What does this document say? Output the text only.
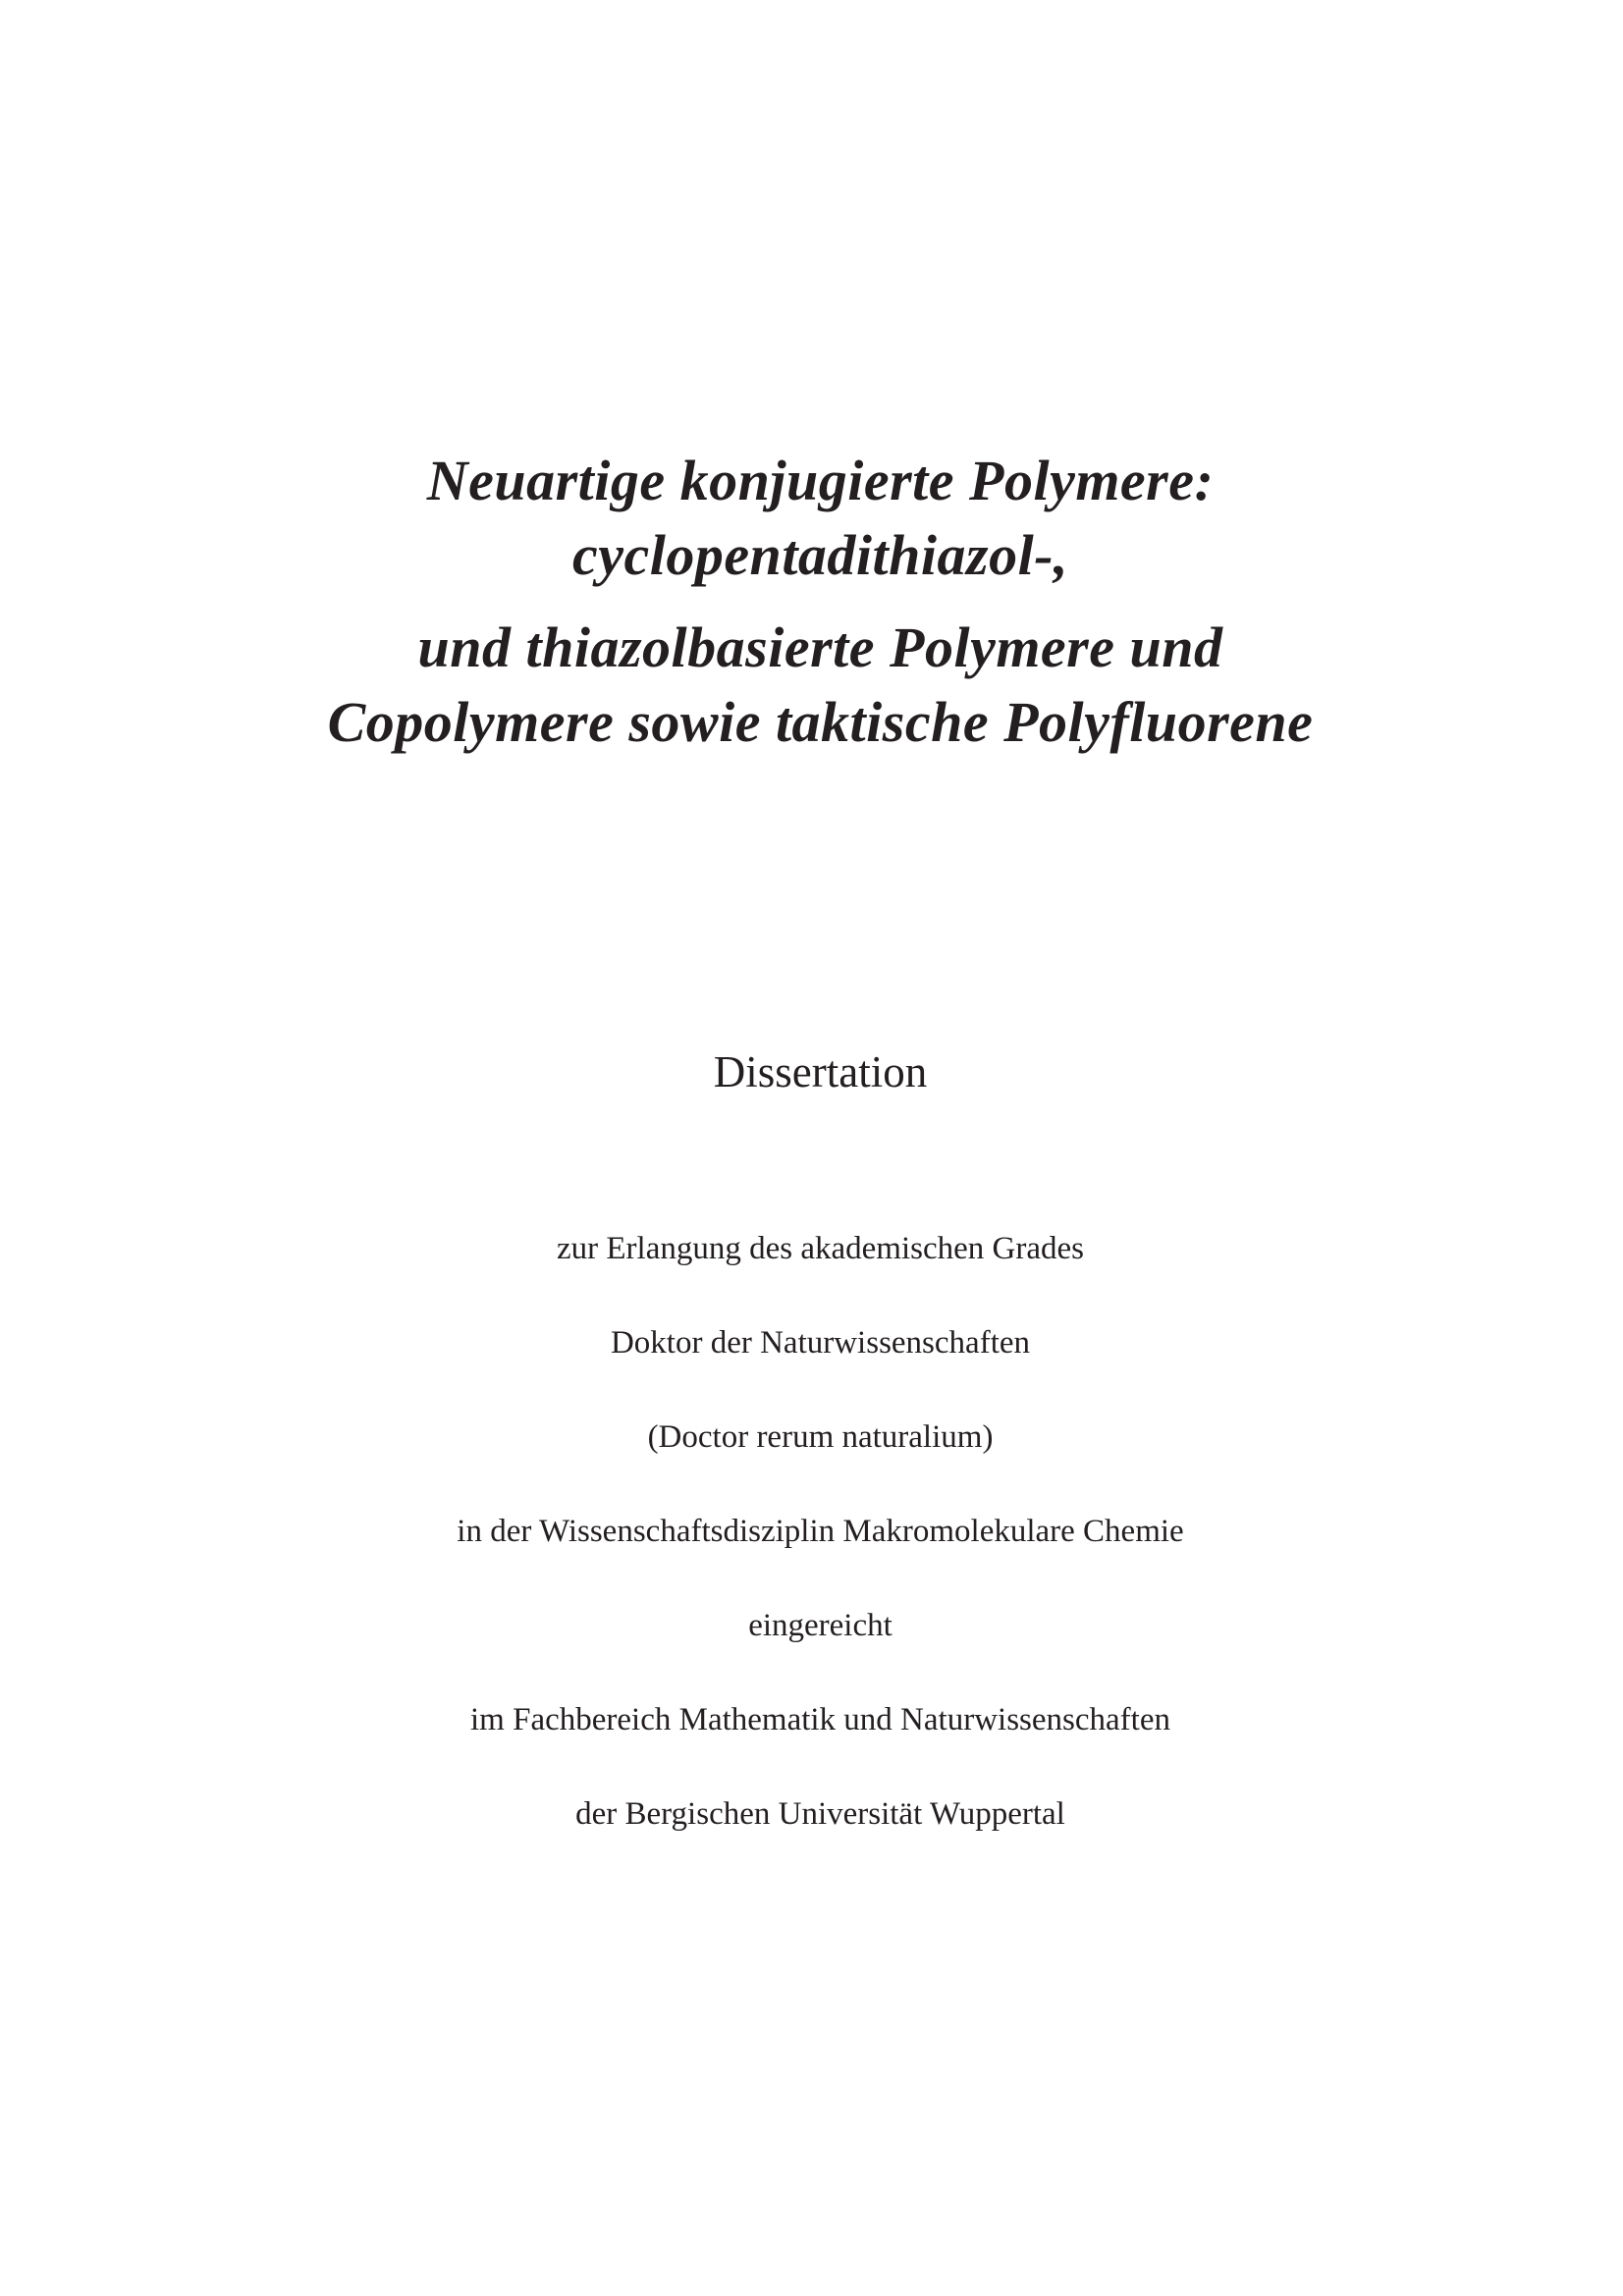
Neuartige konjugierte Polymere:
cyclopentadithiazol-,
und thiazolbasierte Polymere und
Copolymere sowie taktische Polyfluorene
Dissertation
zur Erlangung des akademischen Grades
Doktor der Naturwissenschaften
(Doctor rerum naturalium)
in der Wissenschaftsdisziplin Makromolekulare Chemie
eingereicht
im Fachbereich Mathematik und Naturwissenschaften
der Bergischen Universität Wuppertal
